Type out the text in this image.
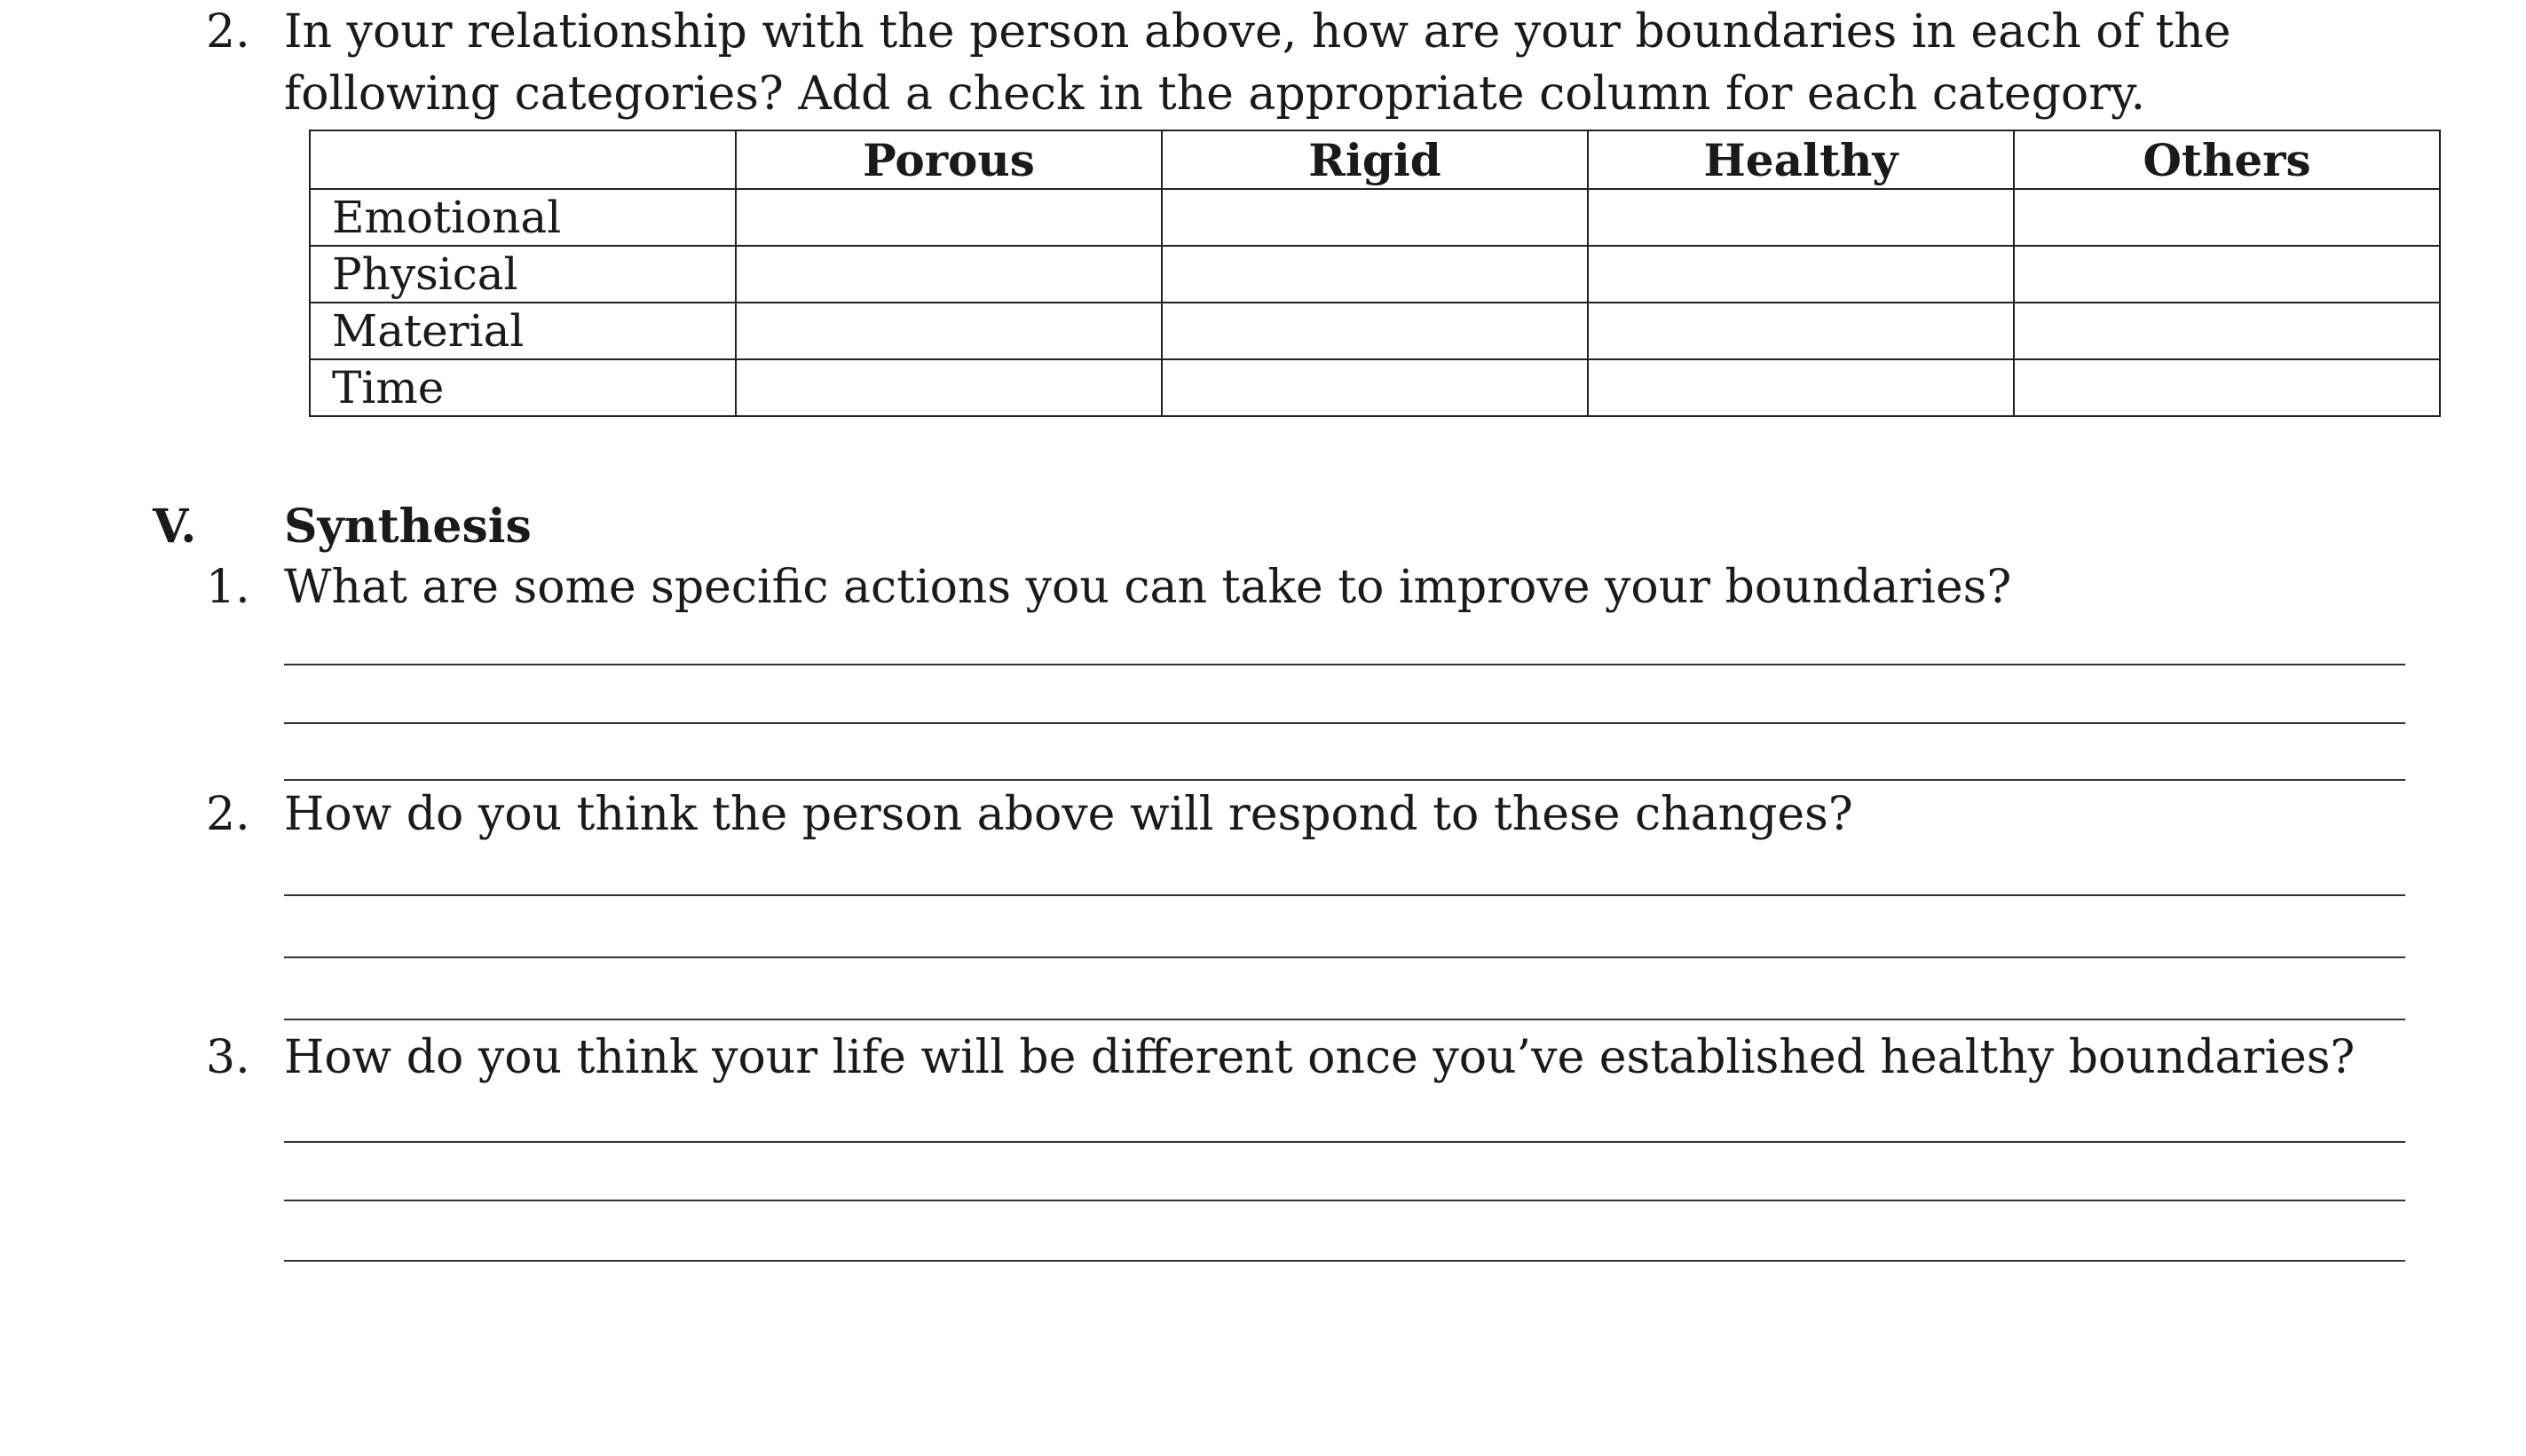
2. In your relationship with the person above, how are your boundaries in each of the
following categories? Add a check in the appropriate column for each category.
	Porous	Rigid	Healthy	Others
Emotional				
Physical				
Material				
Time				
V. Synthesis
1. What are some specific actions you can take to improve your boundaries?
2. How do you think the person above will respond to these changes?
3. How do you think your life will be different once you’ve established healthy boundaries?
